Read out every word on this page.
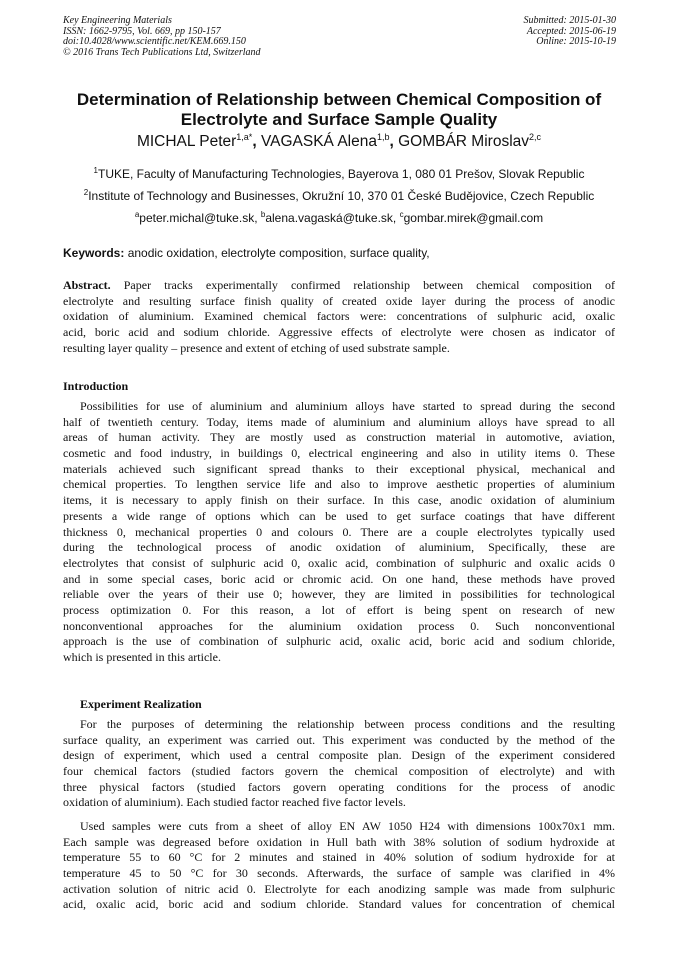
Key Engineering Materials
ISSN: 1662-9795, Vol. 669, pp 150-157
doi:10.4028/www.scientific.net/KEM.669.150
© 2016 Trans Tech Publications Ltd, Switzerland
Submitted: 2015-01-30
Accepted: 2015-06-19
Online: 2015-10-19
Determination of Relationship between Chemical Composition of
Electrolyte and Surface Sample Quality
MICHAL Peter$^{1,a*}$, VAGASKÁ Alena$^{1,b}$, GOMBÁR Miroslav$^{2,c}$
$^1$TUKE, Faculty of Manufacturing Technologies, Bayerova 1, 080 01 Prešov, Slovak Republic
$^2$Institute of Technology and Businesses, Okružní 10, 370 01 České Budějovice, Czech Republic
$^a$peter.michal@tuke.sk, $^b$alena.vagaská@tuke.sk, $^c$gombar.mirek@gmail.com
Keywords: anodic oxidation, electrolyte composition, surface quality,
Abstract. Paper tracks experimentally confirmed relationship between chemical composition of
electrolyte and resulting surface finish quality of created oxide layer during the process of anodic
oxidation of aluminium. Examined chemical factors were: concentrations of sulphuric acid, oxalic
acid, boric acid and sodium chloride. Aggressive effects of electrolyte were chosen as indicator of
resulting layer quality – presence and extent of etching of used substrate sample.
Introduction
Possibilities for use of aluminium and aluminium alloys have started to spread during the second
half of twentieth century. Today, items made of aluminium and aluminium alloys have spread to all
areas of human activity. They are mostly used as construction material in automotive, aviation,
cosmetic and food industry, in buildings 0, electrical engineering and also in utility items 0. These
materials achieved such significant spread thanks to their exceptional physical, mechanical and
chemical properties. To lengthen service life and also to improve aesthetic properties of aluminium
items, it is necessary to apply finish on their surface. In this case, anodic oxidation of aluminium
presents a wide range of options which can be used to get surface coatings that have different
thickness 0, mechanical properties 0 and colours 0. There are a couple electrolytes typically used
during the technological process of anodic oxidation of aluminium, Specifically, these are
electrolytes that consist of sulphuric acid 0, oxalic acid, combination of sulphuric and oxalic acids 0
and in some special cases, boric acid or chromic acid. On one hand, these methods have proved
reliable over the years of their use 0; however, they are limited in possibilities for technological
process optimization 0. For this reason, a lot of effort is being spent on research of new
nonconventional approaches for the aluminium oxidation process 0. Such nonconventional
approach is the use of combination of sulphuric acid, oxalic acid, boric acid and sodium chloride,
which is presented in this article.
Experiment Realization
For the purposes of determining the relationship between process conditions and the resulting
surface quality, an experiment was carried out. This experiment was conducted by the method of the
design of experiment, which used a central composite plan. Design of the experiment considered
four chemical factors (studied factors govern the chemical composition of electrolyte) and with
three physical factors (studied factors govern operating conditions for the process of anodic
oxidation of aluminium). Each studied factor reached five factor levels.
Used samples were cuts from a sheet of alloy EN AW 1050 H24 with dimensions 100x70x1 mm.
Each sample was degreased before oxidation in Hull bath with 38% solution of sodium hydroxide at
temperature 55 to 60 °C for 2 minutes and stained in 40% solution of sodium hydroxide for at
temperature 45 to 50 °C for 30 seconds. Afterwards, the surface of sample was clarified in 4%
activation solution of nitric acid 0. Electrolyte for each anodizing sample was made from sulphuric
acid, oxalic acid, boric acid and sodium chloride. Standard values for concentration of chemical
